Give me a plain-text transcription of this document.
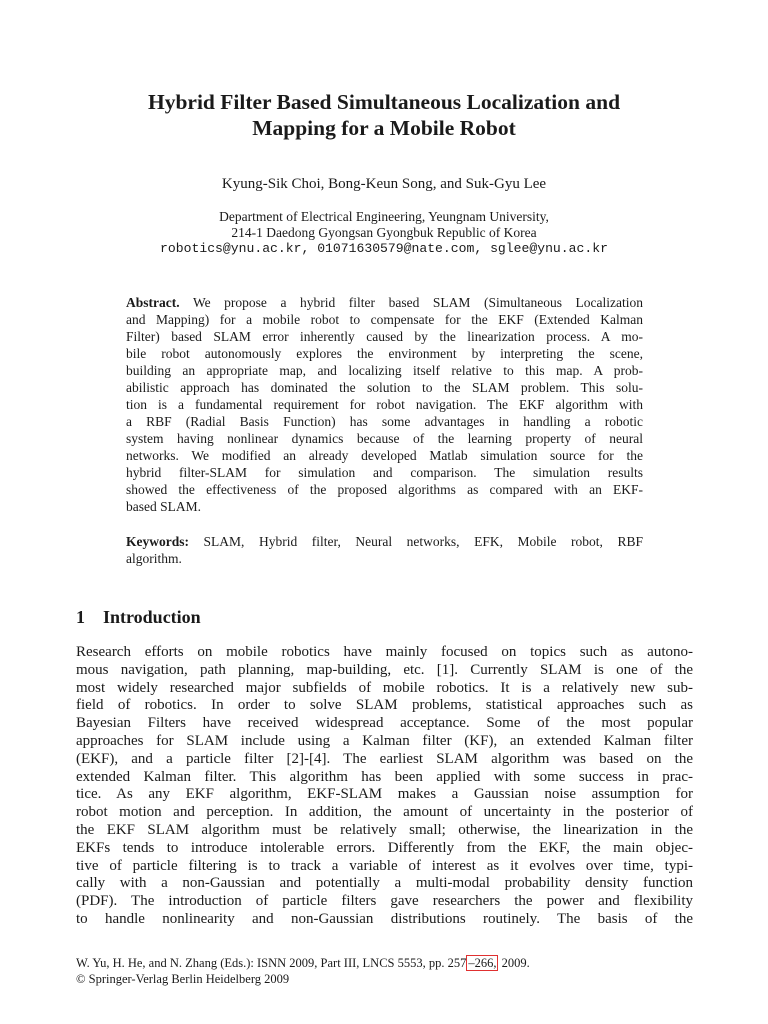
Hybrid Filter Based Simultaneous Localization and
Mapping for a Mobile Robot
Kyung-Sik Choi, Bong-Keun Song, and Suk-Gyu Lee
Department of Electrical Engineering, Yeungnam University,
214-1 Daedong Gyongsan Gyongbuk Republic of Korea
robotics@ynu.ac.kr, 01071630579@nate.com, sglee@ynu.ac.kr
Abstract. We propose a hybrid filter based SLAM (Simultaneous Localization
and Mapping) for a mobile robot to compensate for the EKF (Extended Kalman
Filter) based SLAM error inherently caused by the linearization process. A mo-
bile robot autonomously explores the environment by interpreting the scene,
building an appropriate map, and localizing itself relative to this map. A prob-
abilistic approach has dominated the solution to the SLAM problem. This solu-
tion is a fundamental requirement for robot navigation. The EKF algorithm with
a RBF (Radial Basis Function) has some advantages in handling a robotic
system having nonlinear dynamics because of the learning property of neural
networks. We modified an already developed Matlab simulation source for the
hybrid filter-SLAM for simulation and comparison. The simulation results
showed the effectiveness of the proposed algorithms as compared with an EKF-
based SLAM.
Keywords: SLAM, Hybrid filter, Neural networks, EFK, Mobile robot, RBF
algorithm.
1 Introduction
Research efforts on mobile robotics have mainly focused on topics such as autono-
mous navigation, path planning, map-building, etc. [1]. Currently SLAM is one of the
most widely researched major subfields of mobile robotics. It is a relatively new sub-
field of robotics. In order to solve SLAM problems, statistical approaches such as
Bayesian Filters have received widespread acceptance. Some of the most popular
approaches for SLAM include using a Kalman filter (KF), an extended Kalman filter
(EKF), and a particle filter [2]-[4]. The earliest SLAM algorithm was based on the
extended Kalman filter. This algorithm has been applied with some success in prac-
tice. As any EKF algorithm, EKF-SLAM makes a Gaussian noise assumption for
robot motion and perception. In addition, the amount of uncertainty in the posterior of
the EKF SLAM algorithm must be relatively small; otherwise, the linearization in the
EKFs tends to introduce intolerable errors. Differently from the EKF, the main objec-
tive of particle filtering is to track a variable of interest as it evolves over time, typi-
cally with a non-Gaussian and potentially a multi-modal probability density function
(PDF). The introduction of particle filters gave researchers the power and flexibility
to handle nonlinearity and non-Gaussian distributions routinely. The basis of the
W. Yu, H. He, and N. Zhang (Eds.): ISNN 2009, Part III, LNCS 5553, pp. 257 –266, 2009.
© Springer-Verlag Berlin Heidelberg 2009
